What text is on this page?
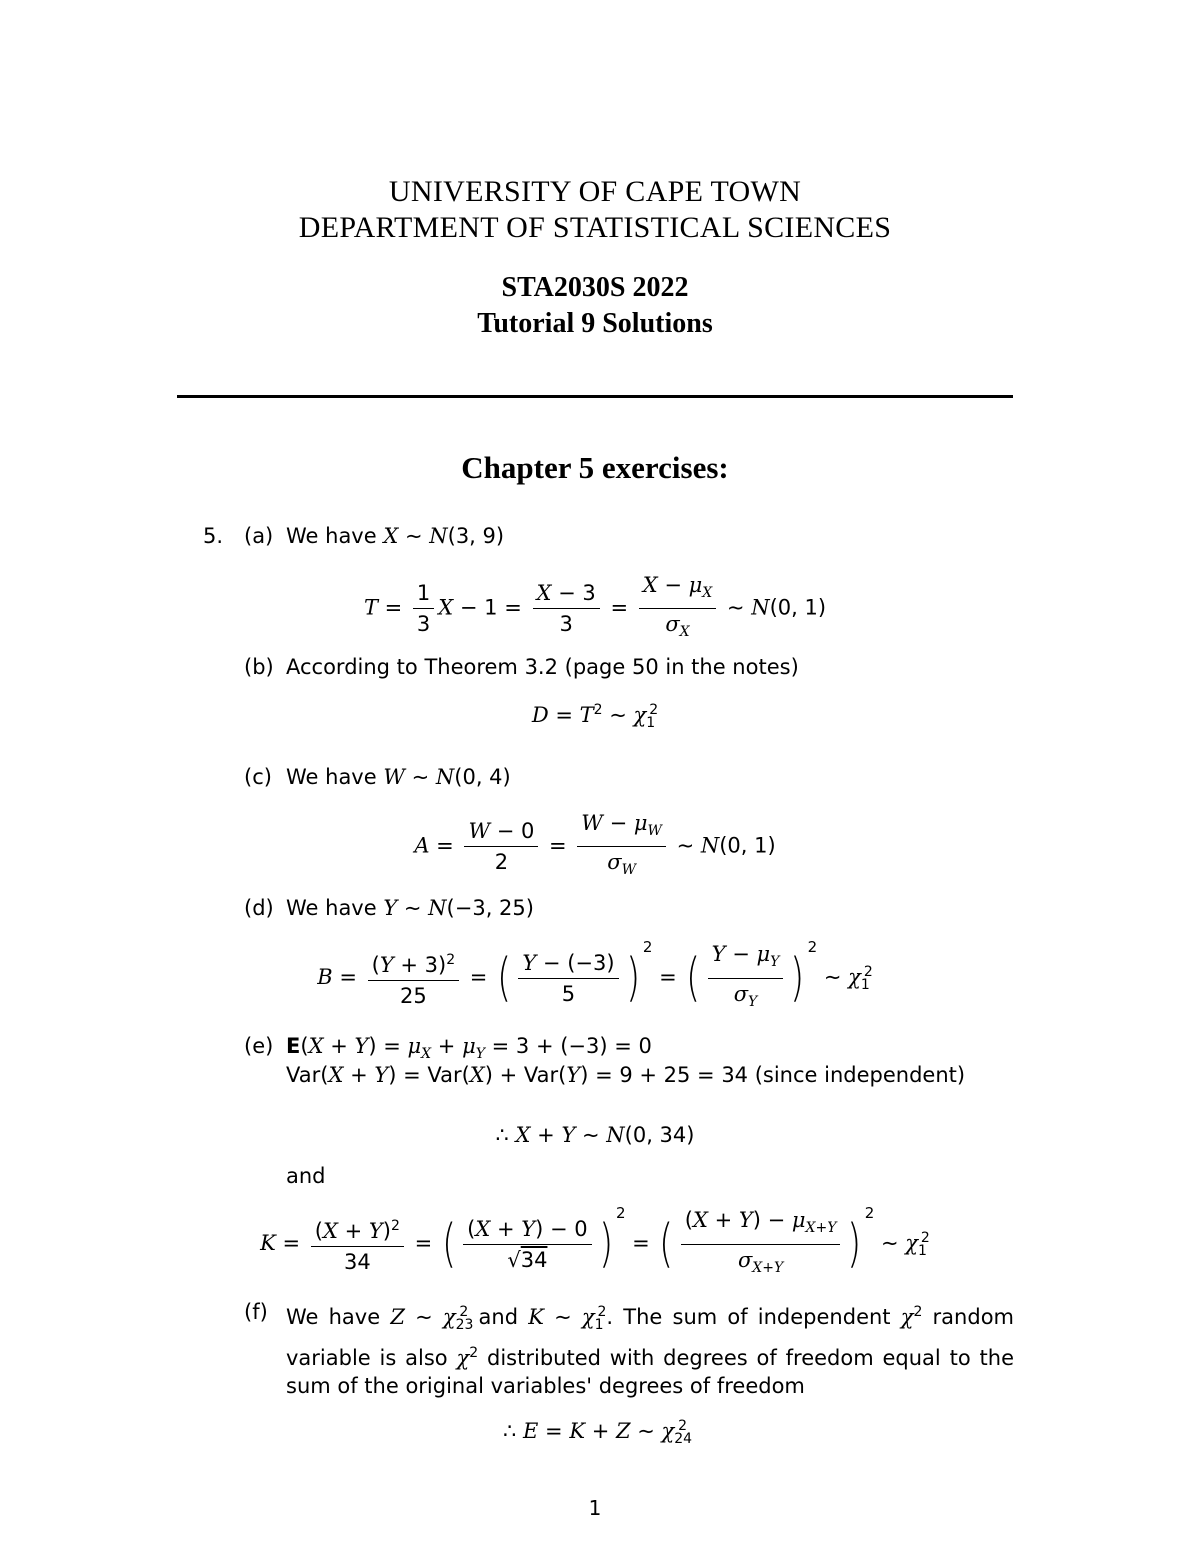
UNIVERSITY OF CAPE TOWN
DEPARTMENT OF STATISTICAL SCIENCES
STA2030S 2022
Tutorial 9 Solutions
Chapter 5 exercises:
5. (a) We have X ∼ N(3, 9)
$T = \frac{1}{3}$ $X - 1 = \frac{X - 3}{3} = \frac{X - \mu_X}{\sigma_X}$ ∼ N(0, 1)
(b) According to Theorem 3.2 (page 50 in the notes)
$D = T^2$ ∼ $\chi_1^2$
(c) We have W ∼ N(0, 4)
$A = \frac{W - 0}{2} = \frac{W - \mu_W}{\sigma_W}$ ∼ N(0, 1)
(d) We have Y ∼ N(−3, 25)
$B = \frac{(Y + 3)^2}{25}$ = ( $\frac{Y - (-3)}{5} )^2$ = ( $\frac{Y - \mu_Y}{\sigma_Y} )^2$ ∼ $\chi_1^2$
(e) $E(X + Y) = \mu_X + \mu_Y = 3 + (-3) = 0$
Var(X + Y) = Var(X) + Var(Y) = 9 + 25 = 34 (since independent)
∴ X + Y ∼ N(0, 34)
and
$K = \frac{(X + Y)^2}{34}$ = ( $\frac{(X + Y) - 0}{√34} )^2$ = ( $\frac{(X + Y) - \mu_{X+Y}}{\sigma_{X+Y}} )^2$ ∼ $\chi_1^2$
(f) We have Z ∼ $\chi_{23}^2$ and K ∼ $\chi_1^2$. The sum of independent $\chi^2$ random variable is also $\chi^2$ distributed with degrees of freedom equal to the sum of the original variables' degrees of freedom
∴ E = K + Z ∼ $\chi_{24}^2$
1
